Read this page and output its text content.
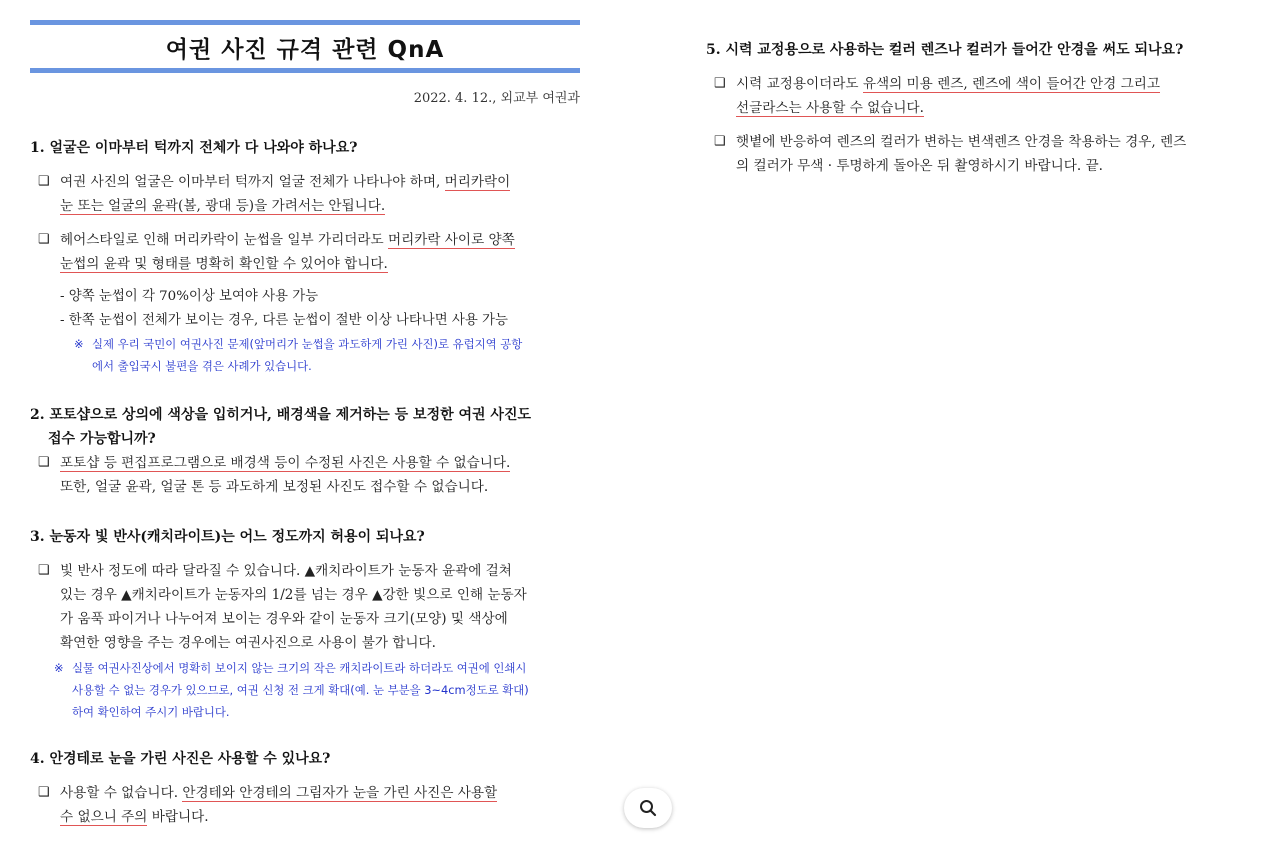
여권 사진 규격 관련 QnA
2022. 4. 12., 외교부 여권과

1. 얼굴은 이마부터 턱까지 전체가 다 나와야 하나요?

❑ 여권 사진의 얼굴은 이마부터 턱까지 얼굴 전체가 나타나야 하며, 머리카락이
눈 또는 얼굴의 윤곽(볼, 광대 등)을 가려서는 안됩니다.
❑ 헤어스타일로 인해 머리카락이 눈썹을 일부 가리더라도 머리카락 사이로 양쪽
눈썹의 윤곽 및 형태를 명확히 확인할 수 있어야 합니다.

- 양쪽 눈썹이 각 70%이상 보여야 사용 가능

- 한쪽 눈썹이 전체가 보이는 경우, 다른 눈썹이 절반 이상 나타나면 사용 가능

※ 실제 우리 국민이 여권사진 문제(앞머리가 눈썹을 과도하게 가린 사진)로 유럽지역 공항
에서 출입국시 불편을 겪은 사례가 있습니다.

2. 포토샵으로 상의에 색상을 입히거나, 배경색을 제거하는 등 보정한 여권 사진도
접수 가능합니까?

❑ 포토샵 등 편집프로그램으로 배경색 등이 수정된 사진은 사용할 수 없습니다.
또한, 얼굴 윤곽, 얼굴 톤 등 과도하게 보정된 사진도 접수할 수 없습니다.

3. 눈동자 빛 반사(캐치라이트)는 어느 정도까지 허용이 되나요?

❑ 빛 반사 정도에 따라 달라질 수 있습니다. ▲캐치라이트가 눈동자 윤곽에 걸쳐
있는 경우 ▲캐치라이트가 눈동자의 1/2를 넘는 경우 ▲강한 빛으로 인해 눈동자
가 움푹 파이거나 나누어져 보이는 경우와 같이 눈동자 크기(모양) 및 색상에
확연한 영향을 주는 경우에는 여권사진으로 사용이 불가 합니다.
※ 실물 여권사진상에서 명확히 보이지 않는 크기의 작은 캐치라이트라 하더라도 여권에 인쇄시
사용할 수 없는 경우가 있으므로, 여권 신청 전 크게 확대(예. 눈 부분을 3~4cm정도로 확대)
하여 확인하여 주시기 바랍니다.

4. 안경테로 눈을 가린 사진은 사용할 수 있나요?

❑ 사용할 수 없습니다. 안경테와 안경테의 그림자가 눈을 가린 사진은 사용할
수 없으니 주의 바랍니다.

5. 시력 교정용으로 사용하는 컬러 렌즈나 컬러가 들어간 안경을 써도 되나요?

❑ 시력 교정용이더라도 유색의 미용 렌즈, 렌즈에 색이 들어간 안경 그리고
선글라스는 사용할 수 없습니다.
❑ 햇볕에 반응하여 렌즈의 컬러가 변하는 변색렌즈 안경을 착용하는 경우, 렌즈
의 컬러가 무색 · 투명하게 돌아온 뒤 촬영하시기 바랍니다. 끝.
